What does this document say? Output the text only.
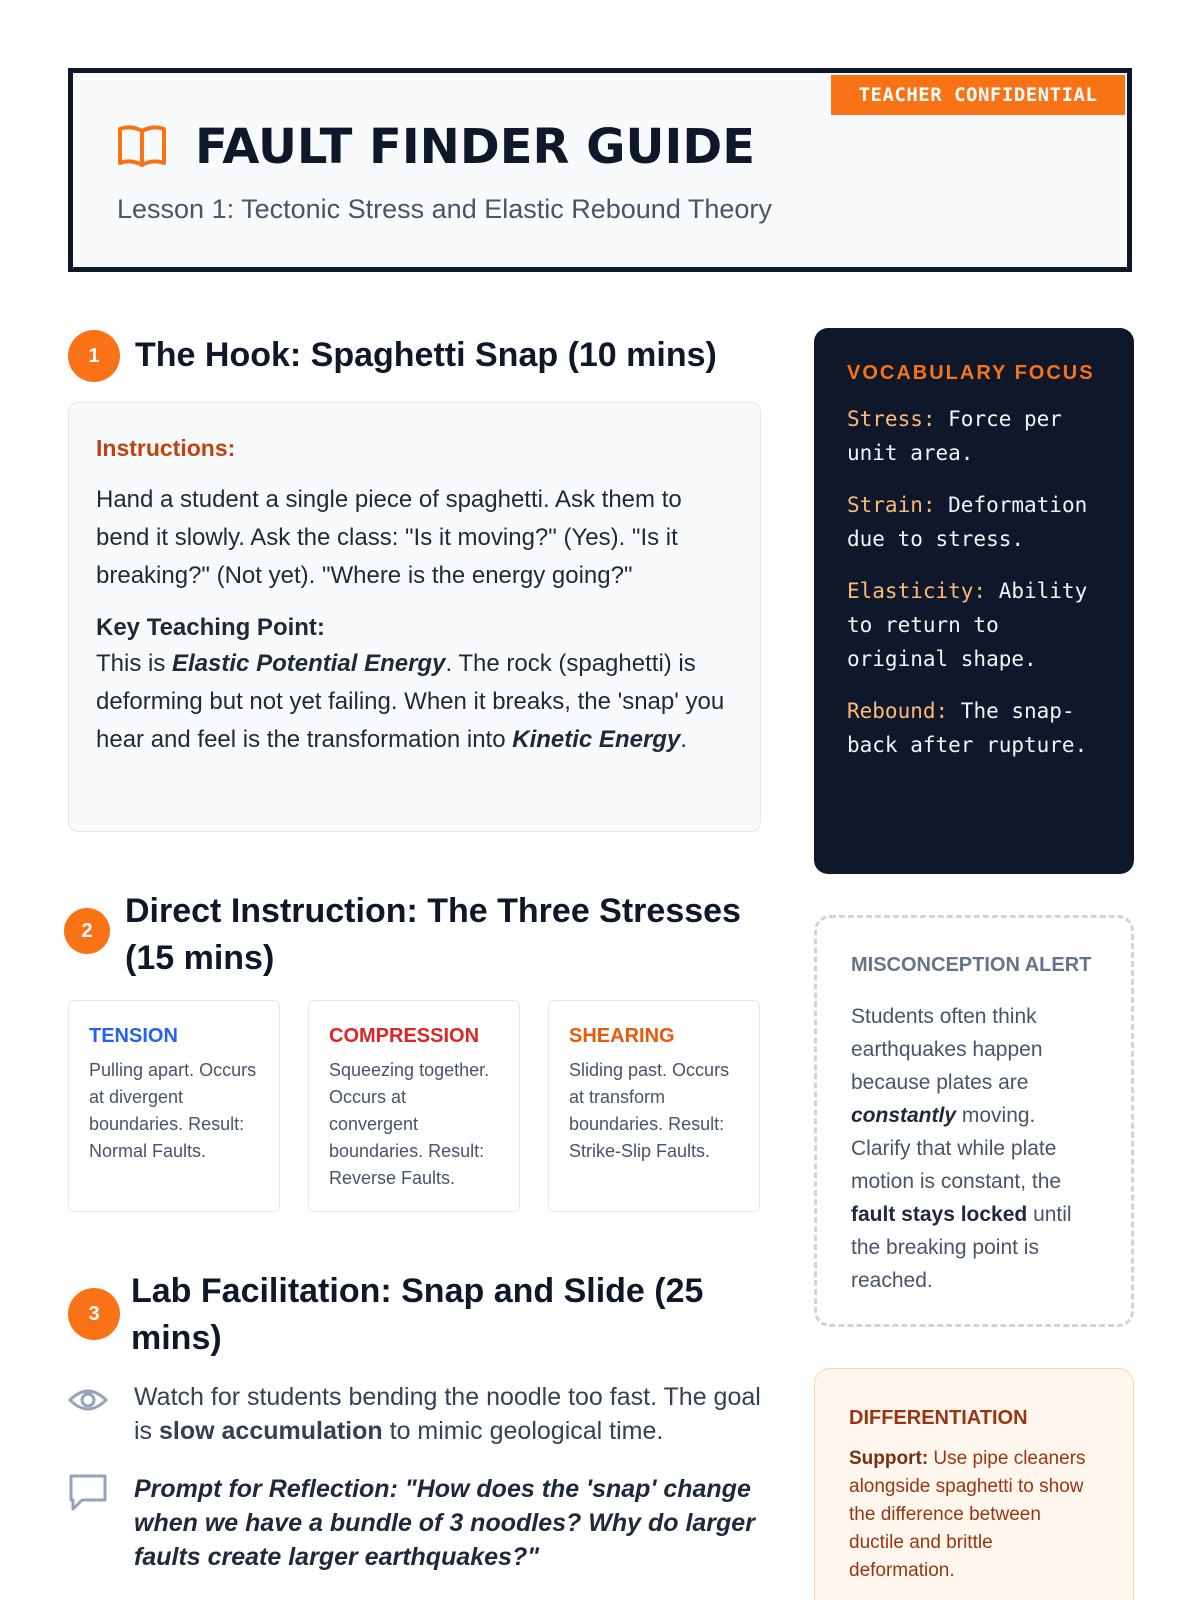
TEACHER CONFIDENTIAL
FAULT FINDER GUIDE
Lesson 1: Tectonic Stress and Elastic Rebound Theory
1	The Hook: Spaghetti Snap (10 mins)
Instructions:
Hand a student a single piece of spaghetti. Ask them to bend it slowly. Ask the class: "Is it moving?" (Yes). "Is it breaking?" (Not yet). "Where is the energy going?"
Key Teaching Point:
This is Elastic Potential Energy. The rock (spaghetti) is deforming but not yet failing. When it breaks, the 'snap' you hear and feel is the transformation into Kinetic Energy.
2
Direct Instruction: The Three Stresses (15 mins)
TENSION
Pulling apart. Occurs at divergent boundaries. Result: Normal Faults.
COMPRESSION
Squeezing together. Occurs at convergent boundaries. Result: Reverse Faults.
SHEARING
Sliding past. Occurs at transform boundaries. Result: Strike-Slip Faults.
3
Lab Facilitation: Snap and Slide (25 mins)
Watch for students bending the noodle too fast. The goal is slow accumulation to mimic geological time.
Prompt for Reflection: "How does the 'snap' change when we have a bundle of 3 noodles? Why do larger faults create larger earthquakes?"
VOCABULARY FOCUS
Stress: Force per unit area.
Strain: Deformation due to stress.
Elasticity: Ability to return to original shape.
Rebound: The snap-back after rupture.
MISCONCEPTION ALERT
Students often think earthquakes happen because plates are constantly moving. Clarify that while plate motion is constant, the fault stays locked until the breaking point is reached.
DIFFERENTIATION
Support: Use pipe cleaners alongside spaghetti to show the difference between ductile and brittle deformation.
